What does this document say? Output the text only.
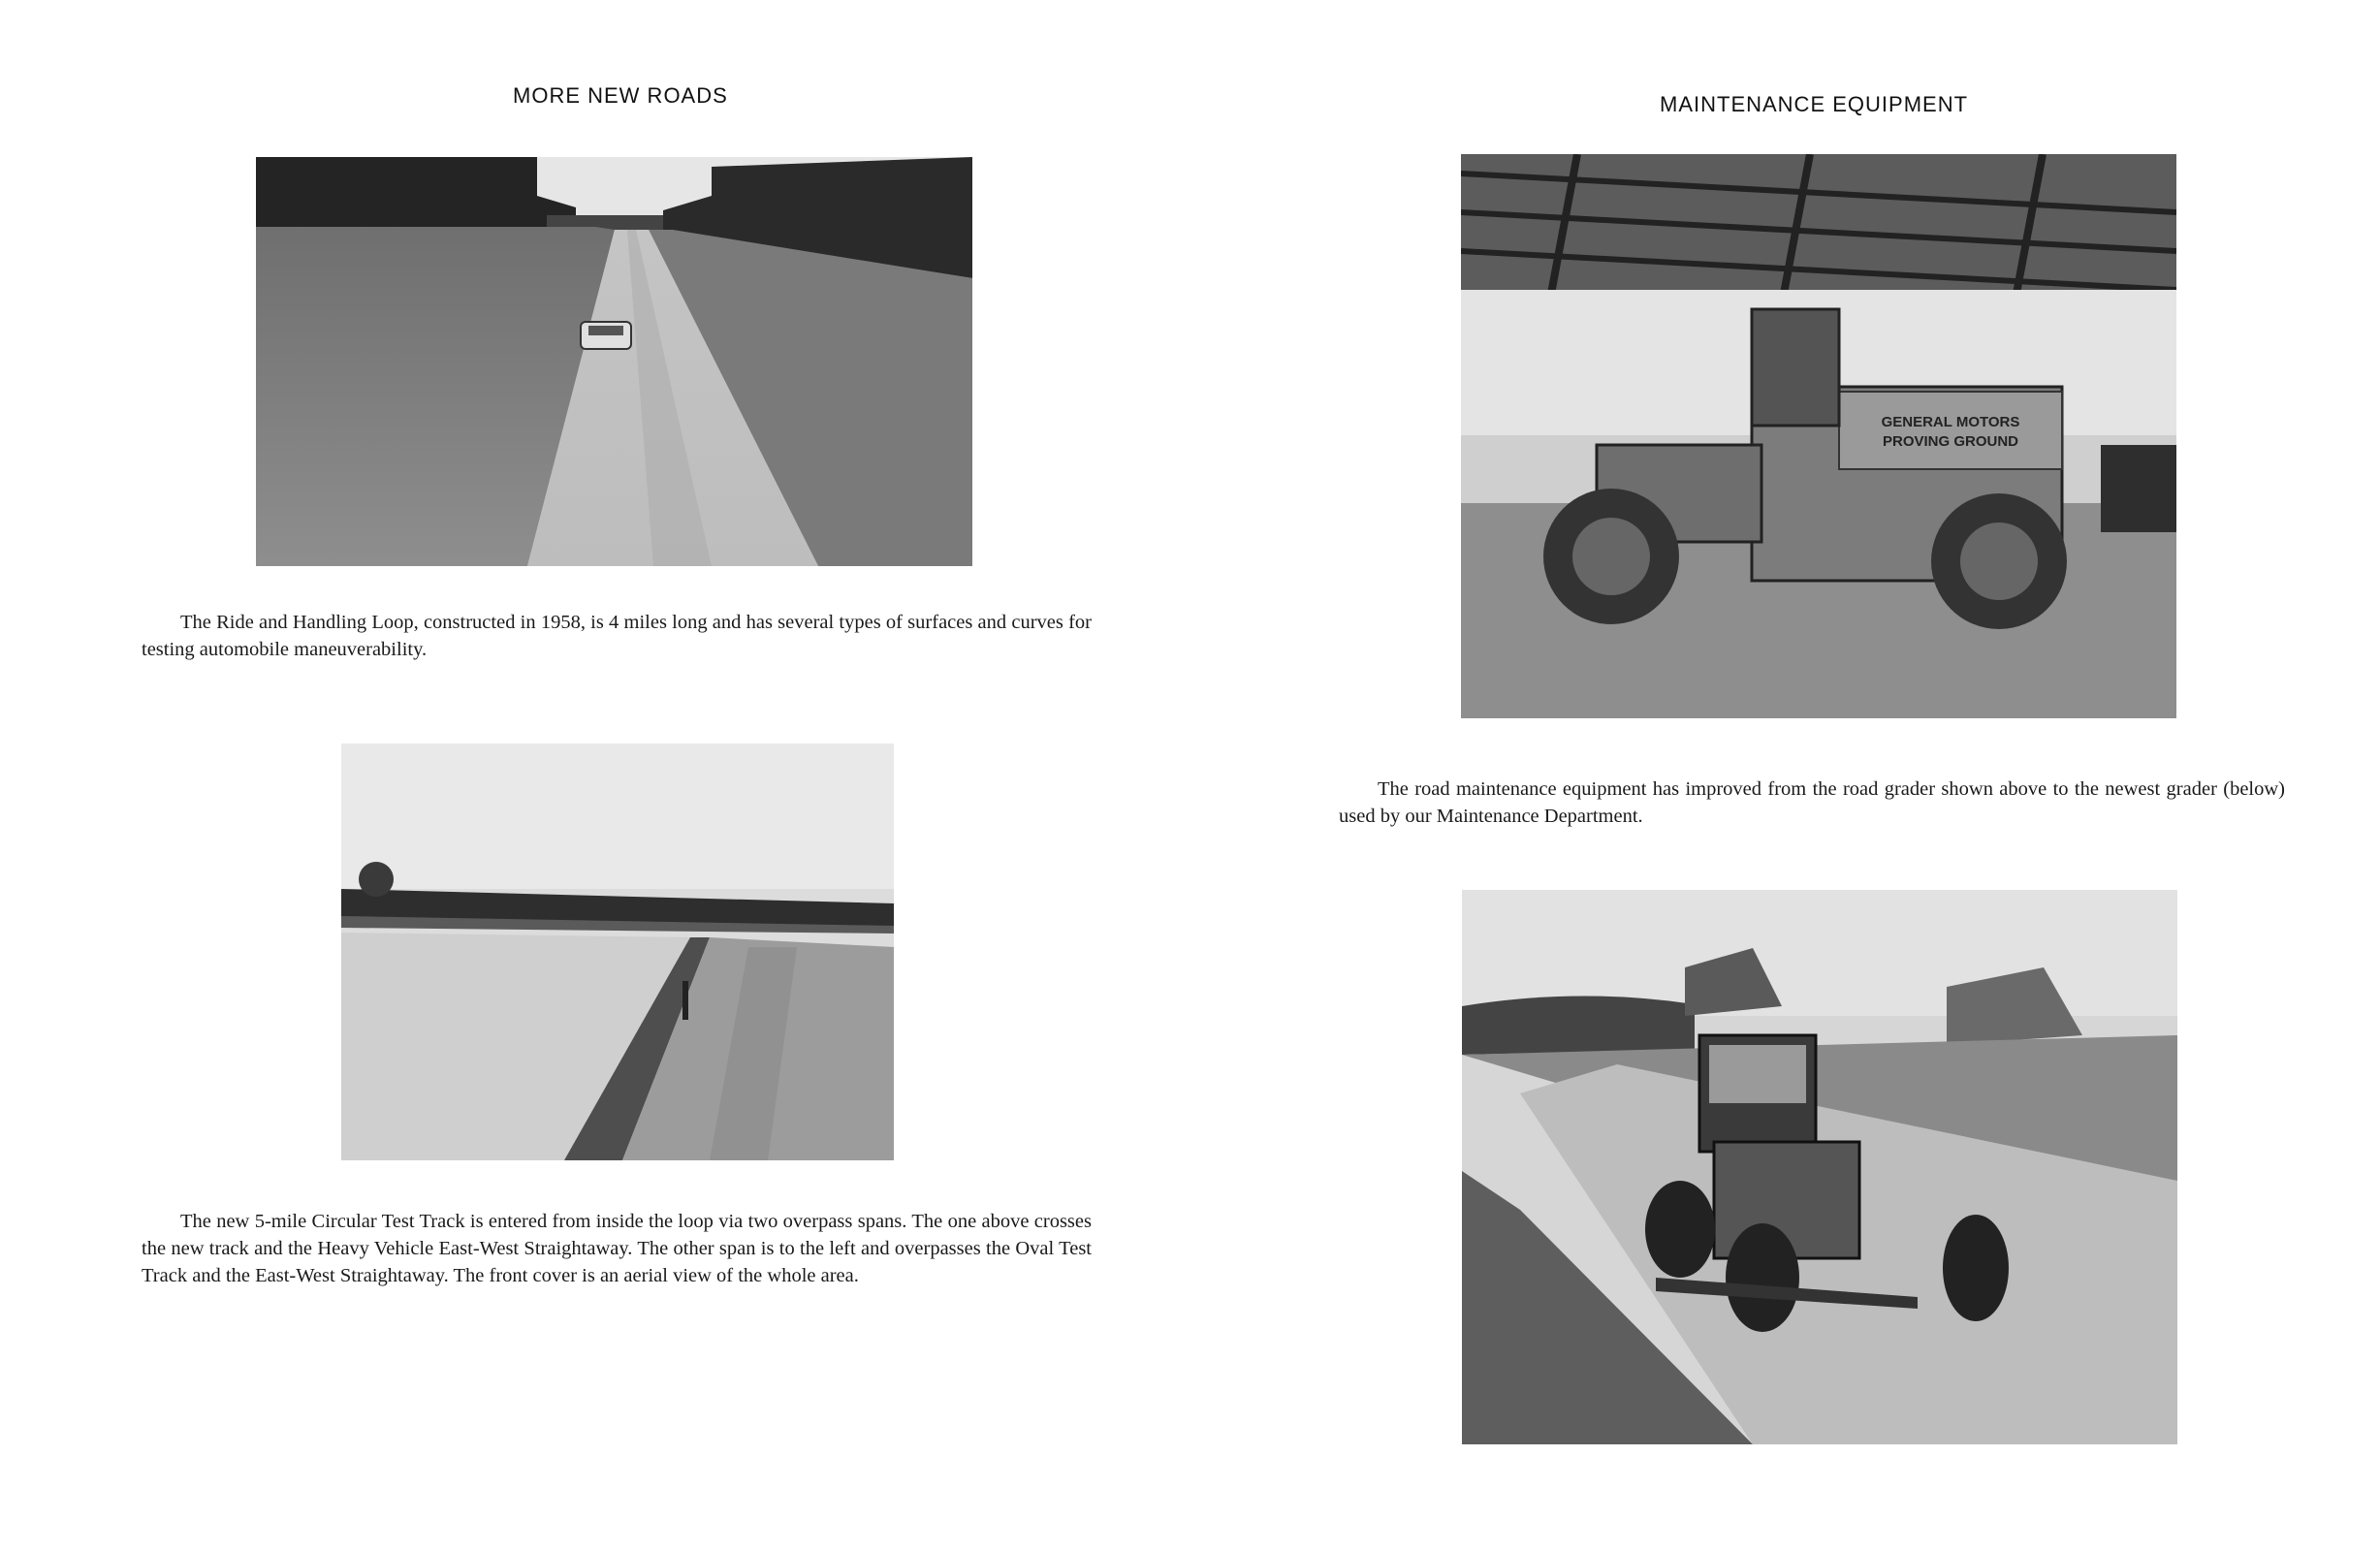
MORE NEW ROADS

The Ride and Handling Loop, constructed in 1958, is 4 miles long and has several types of surfaces and curves for testing automobile maneuverability.

The new 5-mile Circular Test Track is entered from inside the loop via two overpass spans. The one above crosses the new track and the Heavy Vehicle East-West Straightaway. The other span is to the left and overpasses the Oval Test Track and the East-West Straightaway. The front cover is an aerial view of the whole area.

MAINTENANCE EQUIPMENT
GENERAL MOTORS
PROVING GROUND

The road maintenance equipment has improved from the road grader shown above to the newest grader (below) used by our Maintenance Department.
